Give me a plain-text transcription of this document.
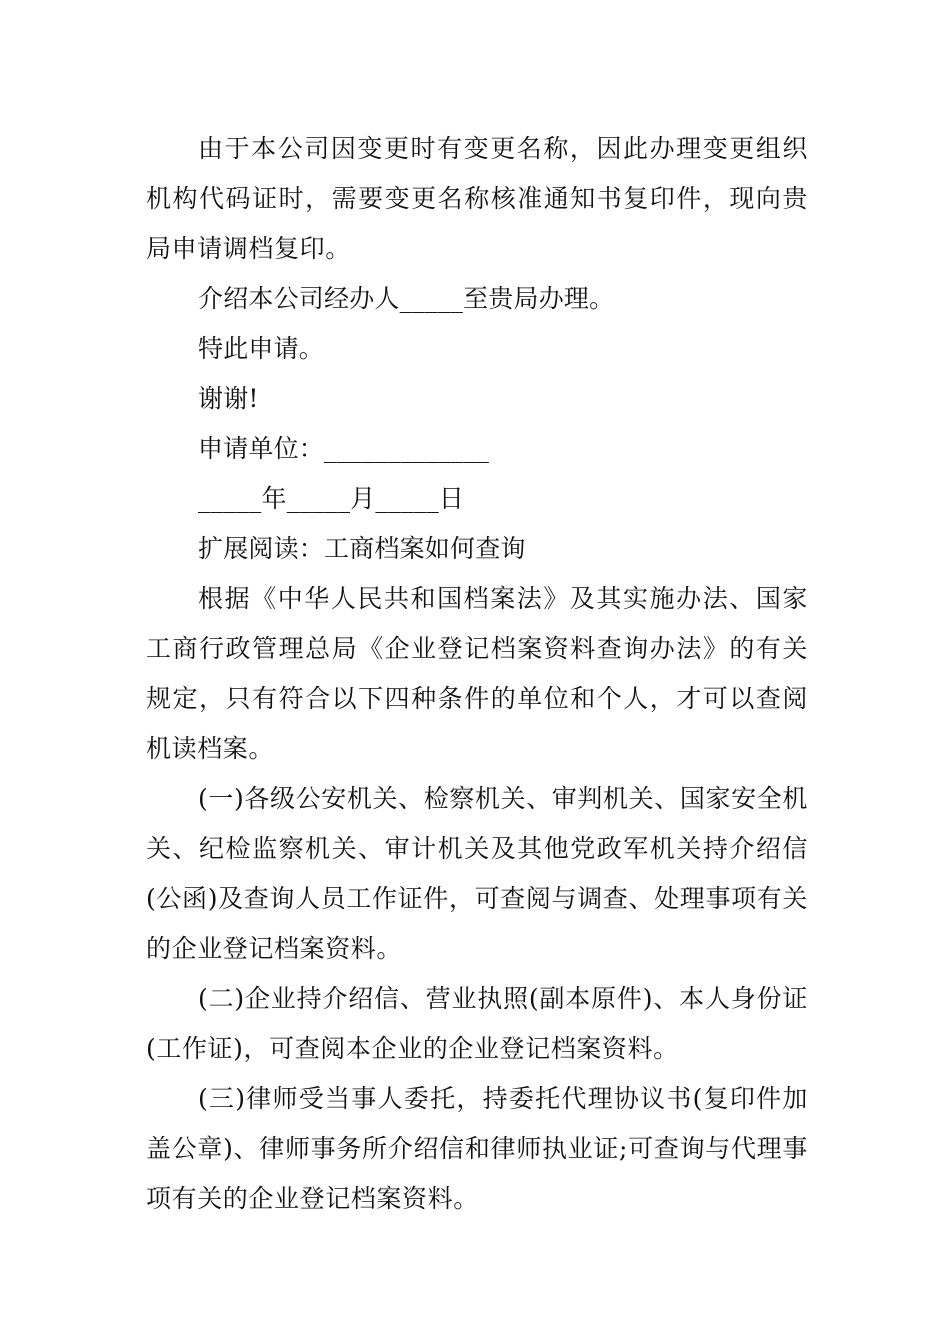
由于本公司因变更时有变更名称，因此办理变更组织机构代码证时，需要变更名称核准通知书复印件，现向贵局申请调档复印。

介绍本公司经办人_____至贵局办理。

特此申请。

谢谢!

申请单位：_____________

_____年_____月_____日

扩展阅读：工商档案如何查询

根据《中华人民共和国档案法》及其实施办法、国家工商行政管理总局《企业登记档案资料查询办法》的有关规定，只有符合以下四种条件的单位和个人，才可以查阅机读档案。

(一)各级公安机关、检察机关、审判机关、国家安全机关、纪检监察机关、审计机关及其他党政军机关持介绍信(公函)及查询人员工作证件，可查阅与调查、处理事项有关的企业登记档案资料。

(二)企业持介绍信、营业执照(副本原件)、本人身份证(工作证)，可查阅本企业的企业登记档案资料。

(三)律师受当事人委托，持委托代理协议书(复印件加盖公章)、律师事务所介绍信和律师执业证;可查询与代理事项有关的企业登记档案资料。
